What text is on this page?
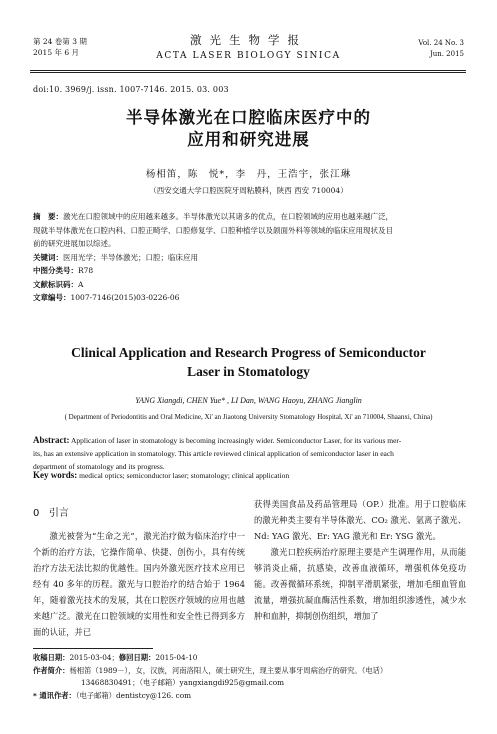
第 24 卷第 3 期
2015 年 6 月
激光生物学报
ACTA LASER BIOLOGY SINICA
Vol. 24 No. 3
Jun. 2015
doi:10. 3969/j. issn. 1007-7146. 2015. 03. 003
半导体激光在口腔临床医疗中的
应用和研究进展
杨相笛，陈　悦*，李　丹，王浩宇，张江琳
（西安交通大学口腔医院牙周粘膜科，陕西 西安 710004）
摘　要：激光在口腔领域中的应用越来越多。半导体激光以其诸多的优点，在口腔领域的应用也越来越广泛，
现就半导体激光在口腔内科、口腔正畸学、口腔修复学、口腔种植学以及颌面外科等领域的临床应用现状及目
前的研究进展加以综述。
关键词：医用光学；半导体激光；口腔；临床应用
中图分类号：R78
文献标识码：A
文章编号：1007-7146(2015)03-0226-06
Clinical Application and Research Progress of Semiconductor
Laser in Stomatology
YANG Xiangdi, CHEN Yue* , LI Dan, WANG Haoyu, ZHANG Jianglin
( Department of Periodontitis and Oral Medicine, Xi' an Jiaotong University Stomatology Hospital, Xi' an 710004, Shaanxi, China)
Abstract: Application of laser in stomatology is becoming increasingly wider. Semiconductor Laser, for its various mer-
its, has an extensive application in stomatology. This article reviewed clinical application of semiconductor laser in each
department of stomatology and its progress.
Key words: medical optics; semiconductor laser; stomatology; clinical application
0 引言

激光被誉为“生命之光”，激光治疗做为临床治疗中一个新的治疗方法，它操作简单、快捷、创伤小，具有传统治疗方法无法比拟的优越性。国内外激光医疗技术应用已经有 40 多年的历程。激光与口腔治疗的结合始于 1964 年，随着激光技术的发展，其在口腔医疗领域的应用也越来越广泛。激光在口腔领域的实用性和安全性已得到多方面的认证，并已

获得美国食品及药品管理局（OP.）批准。用于口腔临床的激光种类主要有半导体激光、CO₂ 激光、氩离子激光、Nd: YAG 激光、Er: YAG 激光和 Er: YSG 激光。

激光口腔疾病治疗原理主要是产生调理作用，从而能够消炎止痛，抗感染，改善血液循环，增强机体免疫功能。改善微循环系统，抑制平滑肌紧张，增加毛细血管血流量，增强抗凝血酶活性系数，增加组织渗透性，减少水肿和血肿，抑制创伤组织，增加了

收稿日期：2015-03-04；修回日期：2015-04-10
作者简介：杨相笛（1989－），女，汉族，河南洛阳人，硕士研究生，现主要从事牙周病治疗的研究。（电话）
13468830491；（电子邮箱）yangxiangdi925@gmail.com
* 通讯作者：（电子邮箱）dentistcy@126. com
